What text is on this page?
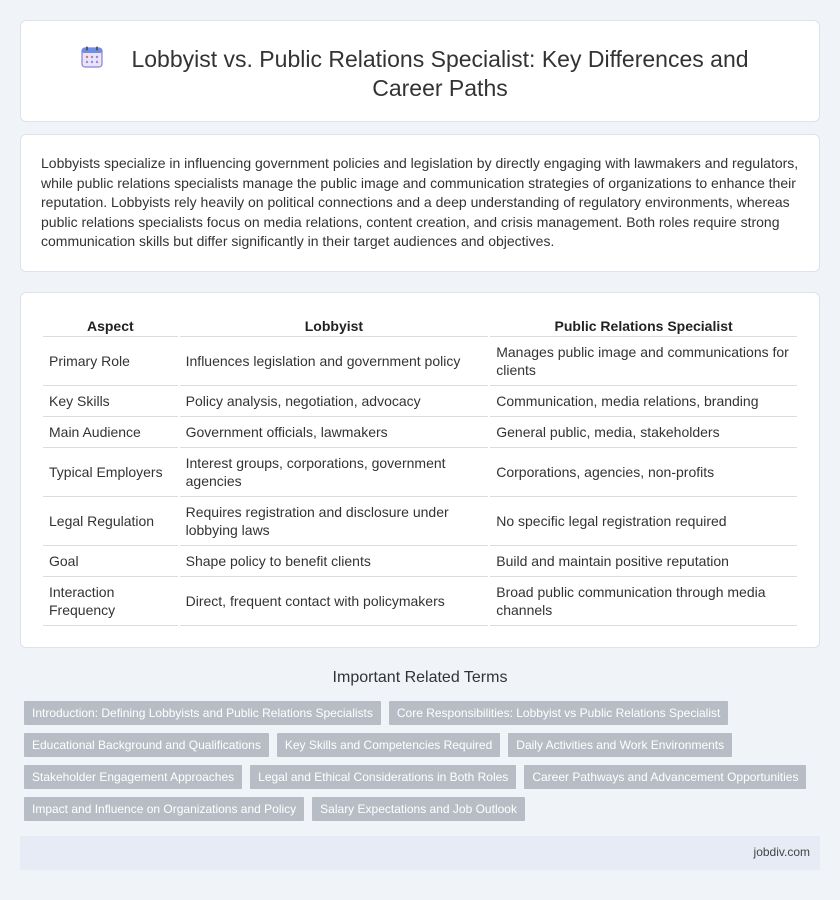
Lobbyist vs. Public Relations Specialist: Key Differences and Career Paths

Lobbyists specialize in influencing government policies and legislation by directly engaging with lawmakers and regulators, while public relations specialists manage the public image and communication strategies of organizations to enhance their reputation. Lobbyists rely heavily on political connections and a deep understanding of regulatory environments, whereas public relations specialists focus on media relations, content creation, and crisis management. Both roles require strong communication skills but differ significantly in their target audiences and objectives.

Aspect	Lobbyist	Public Relations Specialist
Primary Role	Influences legislation and government policy	Manages public image and communications for clients
Key Skills	Policy analysis, negotiation, advocacy	Communication, media relations, branding
Main Audience	Government officials, lawmakers	General public, media, stakeholders
Typical Employers	Interest groups, corporations, government agencies	Corporations, agencies, non-profits
Legal Regulation	Requires registration and disclosure under lobbying laws	No specific legal registration required
Goal	Shape policy to benefit clients	Build and maintain positive reputation
Interaction Frequency	Direct, frequent contact with policymakers	Broad public communication through media channels
Important Related Terms
Introduction: Defining Lobbyists and Public Relations Specialists	Core Responsibilities: Lobbyist vs Public Relations Specialist
Educational Background and Qualifications	Key Skills and Competencies Required	Daily Activities and Work Environments
Stakeholder Engagement Approaches	Legal and Ethical Considerations in Both Roles	Career Pathways and Advancement Opportunities
Impact and Influence on Organizations and Policy	Salary Expectations and Job Outlook
jobdiv.com
